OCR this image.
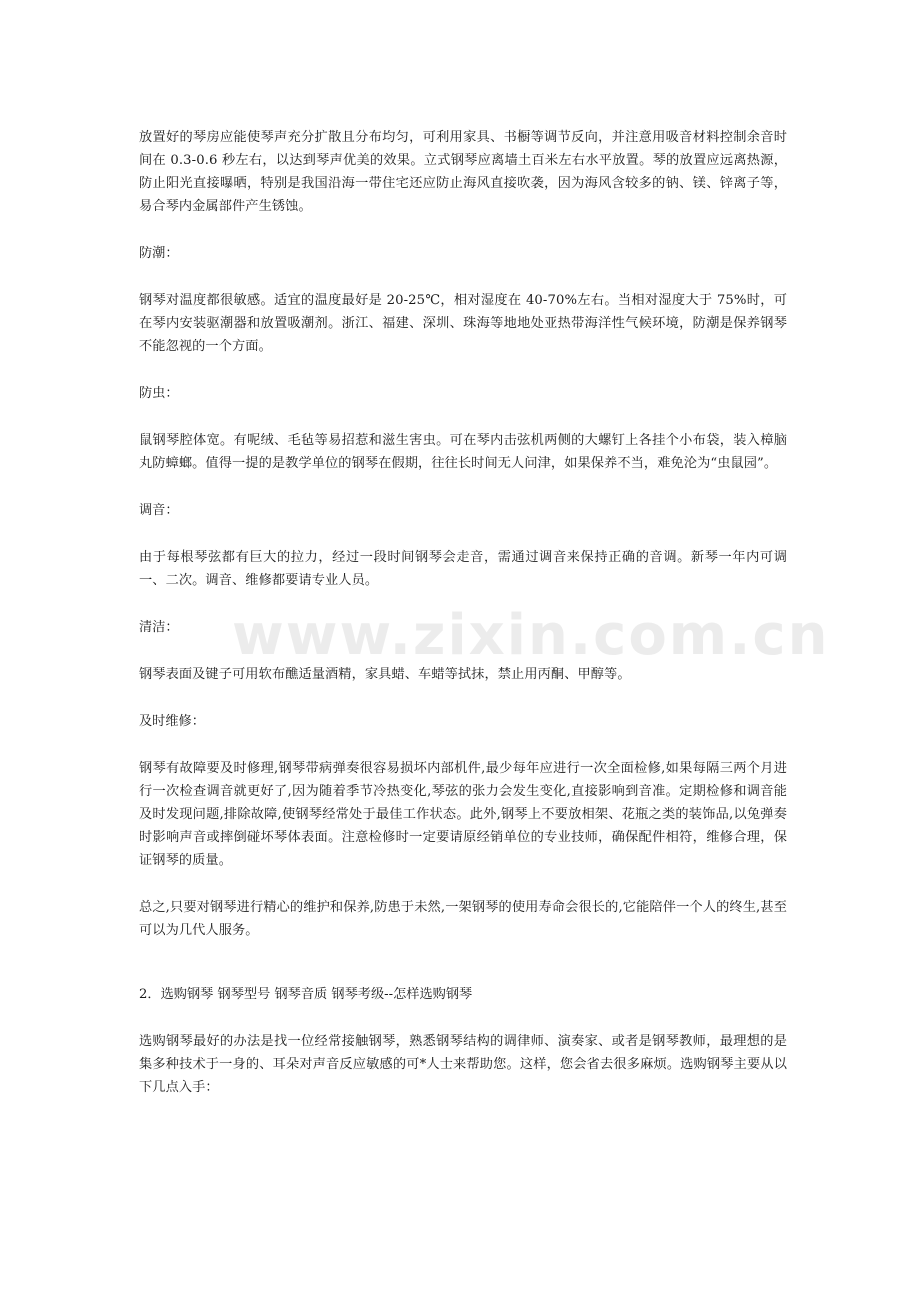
www.zixin.com.cn

放置好的琴房应能使琴声充分扩散且分布均匀，可利用家具、书橱等调节反向，并注意用吸音材料控制余音时间在 0.3-0.6 秒左右，以达到琴声优美的效果。立式钢琴应离墙土百米左右水平放置。琴的放置应远离热源，防止阳光直接曝晒，特别是我国沿海一带住宅还应防止海风直接吹袭，因为海风含较多的钠、镁、锌离子等，易合琴内金属部件产生锈蚀。

防潮：

钢琴对温度都很敏感。适宜的温度最好是 20-25℃，相对湿度在 40-70%左右。当相对湿度大于 75%时，可在琴内安装驱潮器和放置吸潮剂。浙江、福建、深圳、珠海等地地处亚热带海洋性气候环境，防潮是保养钢琴不能忽视的一个方面。

防虫：

鼠钢琴腔体宽。有呢绒、毛毡等易招惹和滋生害虫。可在琴内击弦机两侧的大螺钉上各挂个小布袋，装入樟脑丸防蟑螂。值得一提的是教学单位的钢琴在假期，往往长时间无人问津，如果保养不当，难免沦为“虫鼠园”。

调音：

由于每根琴弦都有巨大的拉力，经过一段时间钢琴会走音，需通过调音来保持正确的音调。新琴一年内可调一、二次。调音、维修都要请专业人员。

清洁：

钢琴表面及键子可用软布醮适量酒精，家具蜡、车蜡等拭抹，禁止用丙酮、甲醇等。

及时维修：

钢琴有故障要及时修理,钢琴带病弹奏很容易损坏内部机件,最少每年应进行一次全面检修,如果每隔三两个月进行一次检查调音就更好了,因为随着季节冷热变化,琴弦的张力会发生变化,直接影响到音准。定期检修和调音能及时发现问题,排除故障,使钢琴经常处于最佳工作状态。此外,钢琴上不要放相架、花瓶之类的装饰品,以兔弹奏时影响声音或摔倒碰坏琴体表面。注意检修时一定要请原经销单位的专业技师，确保配件相符，维修合理，保证钢琴的质量。

总之,只要对钢琴进行精心的维护和保养,防患于未然,一架钢琴的使用寿命会很长的,它能陪伴一个人的终生,甚至可以为几代人服务。

2．选购钢琴 钢琴型号 钢琴音质 钢琴考级--怎样选购钢琴

选购钢琴最好的办法是找一位经常接触钢琴，熟悉钢琴结构的调律师、演奏家、或者是钢琴教师，最理想的是集多种技术于一身的、耳朵对声音反应敏感的可*人士来帮助您。这样，您会省去很多麻烦。选购钢琴主要从以下几点入手：
